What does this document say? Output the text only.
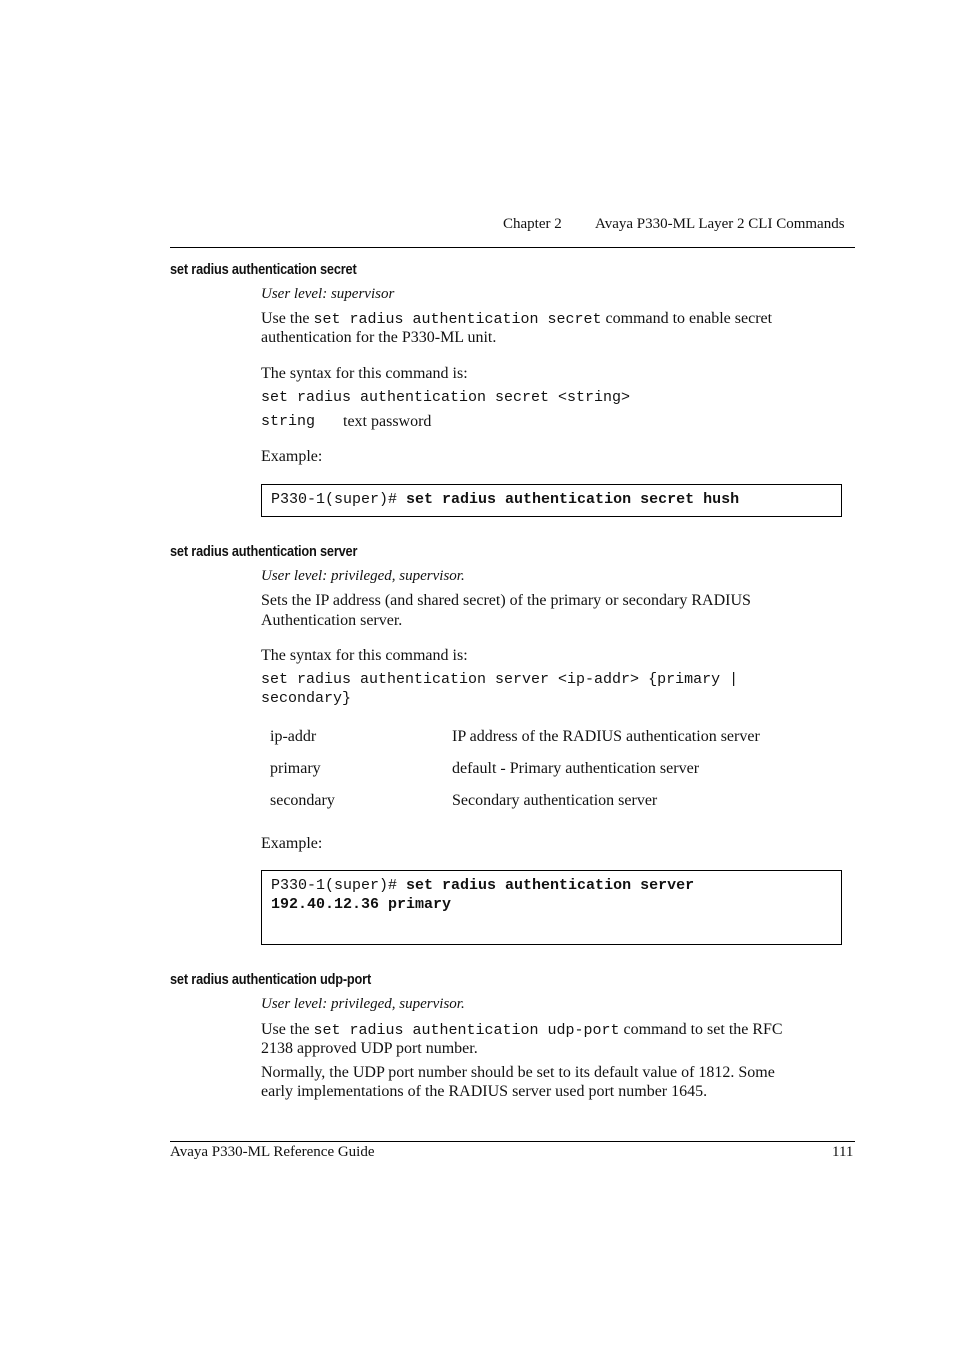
Chapter 2 Avaya P330-ML Layer 2 CLI Commands
set radius authentication secret
User level: supervisor
Use the set radius authentication secret command to enable secret
authentication for the P330-ML unit.
The syntax for this command is:
set radius authentication secret <string>
string text password
Example:
P330-1(super)# set radius authentication secret hush
set radius authentication server
User level: privileged, supervisor.
Sets the IP address (and shared secret) of the primary or secondary RADIUS
Authentication server.
The syntax for this command is:
set radius authentication server <ip-addr> {primary |
secondary}
ip-addr	IP address of the RADIUS authentication server
primary	default - Primary authentication server
secondary	Secondary authentication server
Example:
P330-1(super)# set radius authentication server
192.40.12.36 primary
set radius authentication udp-port
User level: privileged, supervisor.
Use the set radius authentication udp-port command to set the RFC
2138 approved UDP port number.
Normally, the UDP port number should be set to its default value of 1812. Some
early implementations of the RADIUS server used port number 1645.
Avaya P330-ML Reference Guide	111
